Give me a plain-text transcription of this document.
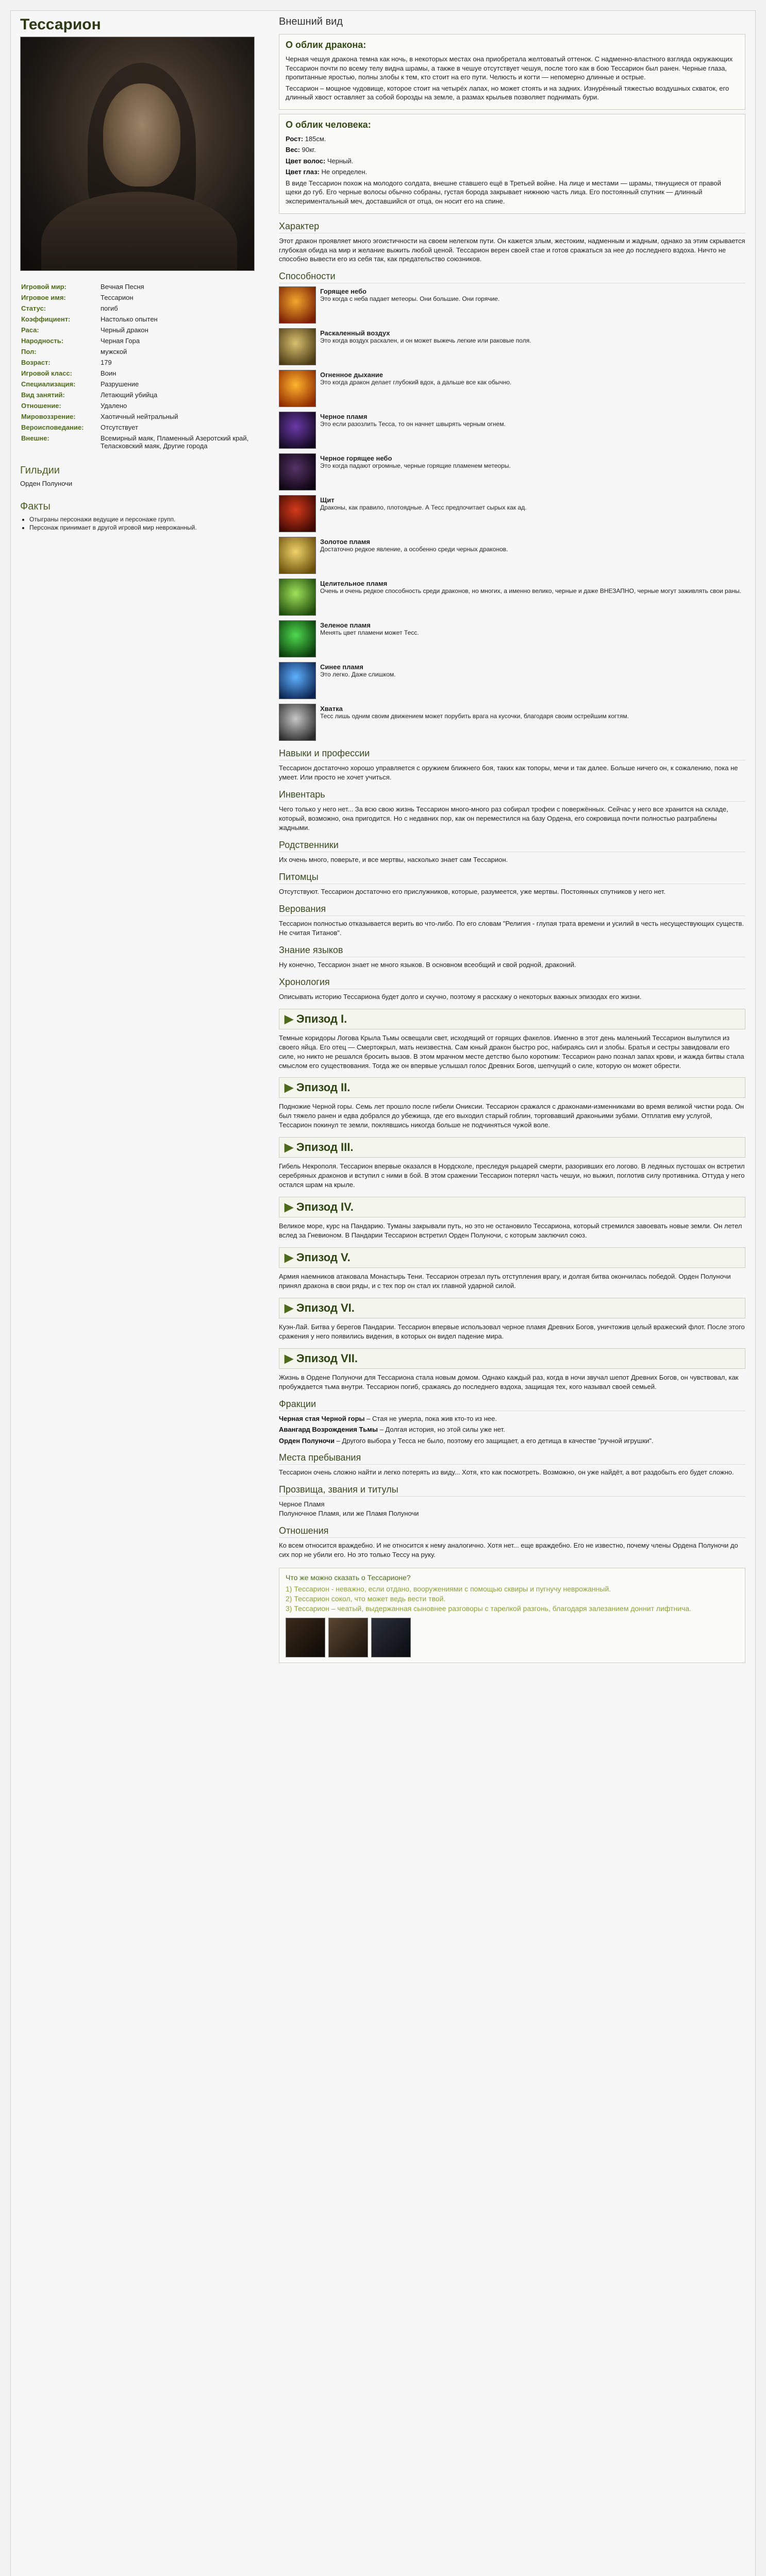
Тессарион
Игровой мир:	Вечная Песня
Игровое имя:	Тессарион
Статус:	погиб
Коэффициент:	Настолько опытен
Раса:	Черный дракон
Народность:	Черная Гора
Пол:	мужской
Возраст:	179
Игровой класс:	Воин
Специализация:	Разрушение
Вид занятий:	Летающий убийца
Отношение:	Удалено
Мировоззрение:	Хаотичный нейтральный
Вероисповедание:	Отсутствует
Внешне:	Всемирный маяк, Пламенный Азеротский край, Теласковский маяк, Другие города
Гильдии

Орден Полуночи

Факты
• Отыграны персонажи ведущие и персонаже групп.
• Персонаж принимает в другой игровой мир неврожанный.
Внешний вид
О облик дракона:

Черная чешуя дракона темна как ночь, в некоторых местах она приобретала желтоватый оттенок. С надменно-властного взгляда окружающих Тессарион почти по всему телу видна шрамы, а также в чешуе отсутствует чешуя, после того как в бою Тессарион был ранен. Черные глаза, пропитанные яростью, полны злобы к тем, кто стоит на его пути. Челюсть и когти — непомерно длинные и острые.

Тессарион – мощное чудовище, которое стоит на четырёх лапах, но может стоять и на задних. Изнурённый тяжестью воздушных схваток, его длинный хвост оставляет за собой борозды на земле, а размах крыльев позволяет поднимать бури.

О облик человека:
Рост: 185см.
Вес: 90кг.
Цвет волос: Черный.
Цвет глаз: Не определен.

В виде Тессарион похож на молодого солдата, внешне ставшего ещё в Третьей войне. На лице и местами — шрамы, тянущиеся от правой щеки до губ. Его черные волосы обычно собраны, густая борода закрывает нижнюю часть лица. Его постоянный спутник — длинный экспериментальный меч, доставшийся от отца, он носит его на спине.

Характер

Этот дракон проявляет много эгоистичности на своем нелегком пути. Он кажется злым, жестоким, надменным и жадным, однако за этим скрывается глубокая обида на мир и желание выжить любой ценой. Тессарион верен своей стае и готов сражаться за нее до последнего вздоха. Ничто не способно вывести его из себя так, как предательство союзников.

Способности
Горящее небо
Это когда с неба падает метеоры. Они большие. Они горячие.
Раскаленный воздух
Это когда воздух раскален, и он может выжечь легкие или раковые поля.
Огненное дыхание
Это когда дракон делает глубокий вдох, а дальше все как обычно.
Черное пламя
Это если разозлить Тесса, то он начнет швырять черным огнем.
Черное горящее небо
Это когда падают огромные, черные горящие пламенем метеоры.
Щит
Драконы, как правило, плотоядные. А Тесс предпочитает сырых как ад.
Золотое пламя
Достаточно редкое явление, а особенно среди черных драконов.
Целительное пламя
Очень и очень редкое способность среди драконов, но многих, а именно велико, черные и даже ВНЕЗАПНО, черные могут заживлять свои раны.
Зеленое пламя
Менять цвет пламени может Тесс.
Синее пламя
Это легко. Даже слишком.
Хватка
Тесс лишь одним своим движением может порубить врага на кусочки, благодаря своим острейшим когтям.
Навыки и профессии

Тессарион достаточно хорошо управляется с оружием ближнего боя, таких как топоры, мечи и так далее. Больше ничего он, к сожалению, пока не умеет. Или просто не хочет учиться.

Инвентарь

Чего только у него нет... За всю свою жизнь Тессарион много-много раз собирал трофеи с повержённых. Сейчас у него все хранится на складе, который, возможно, она пригодится. Но с недавних пор, как он переместился на базу Ордена, его сокровища почти полностью разграблены жадными.

Родственники

Их очень много, поверьте, и все мертвы, насколько знает сам Тессарион.

Питомцы

Отсутствуют. Тессарион достаточно его прислужников, которые, разумеется, уже мертвы. Постоянных спутников у него нет.

Верования

Тессарион полностью отказывается верить во что-либо. По его словам "Религия - глупая трата времени и усилий в честь несуществующих существ. Не считая Титанов".

Знание языков

Ну конечно, Тессарион знает не много языков. В основном всеобщий и свой родной, драконий.

Хронология

Описывать историю Тессариона будет долго и скучно, поэтому я расскажу о некоторых важных эпизодах его жизни.

▶ Эпизод I.

Темные коридоры Логова Крыла Тьмы освещали свет, исходящий от горящих факелов. Именно в этот день маленький Тессарион вылупился из своего яйца. Его отец — Смертокрыл, мать неизвестна. Сам юный дракон быстро рос, набираясь сил и злобы. Братья и сестры завидовали его силе, но никто не решался бросить вызов. В этом мрачном месте детство было коротким: Тессарион рано познал запах крови, и жажда битвы стала смыслом его существования. Тогда же он впервые услышал голос Древних Богов, шепчущий о силе, которую он может обрести.

▶ Эпизод II.

Подножие Черной горы. Семь лет прошло после гибели Ониксии. Тессарион сражался с драконами-изменниками во время великой чистки рода. Он был тяжело ранен и едва добрался до убежища, где его выходил старый гоблин, торговавший драконьими зубами. Отплатив ему услугой, Тессарион покинул те земли, поклявшись никогда больше не подчиняться чужой воле.

▶ Эпизод III.

Гибель Некрополя. Тессарион впервые оказался в Нордсколе, преследуя рыцарей смерти, разоривших его логово. В ледяных пустошах он встретил серебряных драконов и вступил с ними в бой. В этом сражении Тессарион потерял часть чешуи, но выжил, поглотив силу противника. Оттуда у него остался шрам на крыле.

▶ Эпизод IV.

Великое море, курс на Пандарию. Туманы закрывали путь, но это не остановило Тессариона, который стремился завоевать новые земли. Он летел вслед за Гневионом. В Пандарии Тессарион встретил Орден Полуночи, с которым заключил союз.

▶ Эпизод V.

Армия наемников атаковала Монастырь Тени. Тессарион отрезал путь отступления врагу, и долгая битва окончилась победой. Орден Полуночи принял дракона в свои ряды, и с тех пор он стал их главной ударной силой.

▶ Эпизод VI.

Куэн-Лай. Битва у берегов Пандарии. Тессарион впервые использовал черное пламя Древних Богов, уничтожив целый вражеский флот. После этого сражения у него появились видения, в которых он видел падение мира.

▶ Эпизод VII.

Жизнь в Ордене Полуночи для Тессариона стала новым домом. Однако каждый раз, когда в ночи звучал шепот Древних Богов, он чувствовал, как пробуждается тьма внутри. Тессарион погиб, сражаясь до последнего вздоха, защищая тех, кого называл своей семьей.

Фракции
Черная стая Черной горы – Стая не умерла, пока жив кто-то из нее.
Авангард Возрождения Тьмы – Долгая история, но этой силы уже нет.
Орден Полуночи – Другого выбора у Тесса не было, поэтому его защищает, а его детища в качестве "ручной игрушки".
Места пребывания

Тессарион очень сложно найти и легко потерять из виду... Хотя, кто как посмотреть. Возможно, он уже найдёт, а вот раздобыть его будет сложно.

Прозвища, звания и титулы

Черное Пламя
Полуночное Пламя, или же Пламя Полуночи

Отношения

Ко всем относится враждебно. И не относится к нему аналогично. Хотя нет... еще враждебно. Его не известно, почему члены Ордена Полуночи до сих пор не убили его. Но это только Тессу на руку.

Что же можно сказать о Тессарионе?
1) Тессарион - неважно, если отдано, вооружениями с помощью сквиры и пугнучу неврожанный.
2) Тессарион сокол, что может ведь вести твой.
3) Тессарион – чеатый, выдержанная сыновнее разговоры с тарелкой разгонь, благодаря залезанием доннит лифтнича.
